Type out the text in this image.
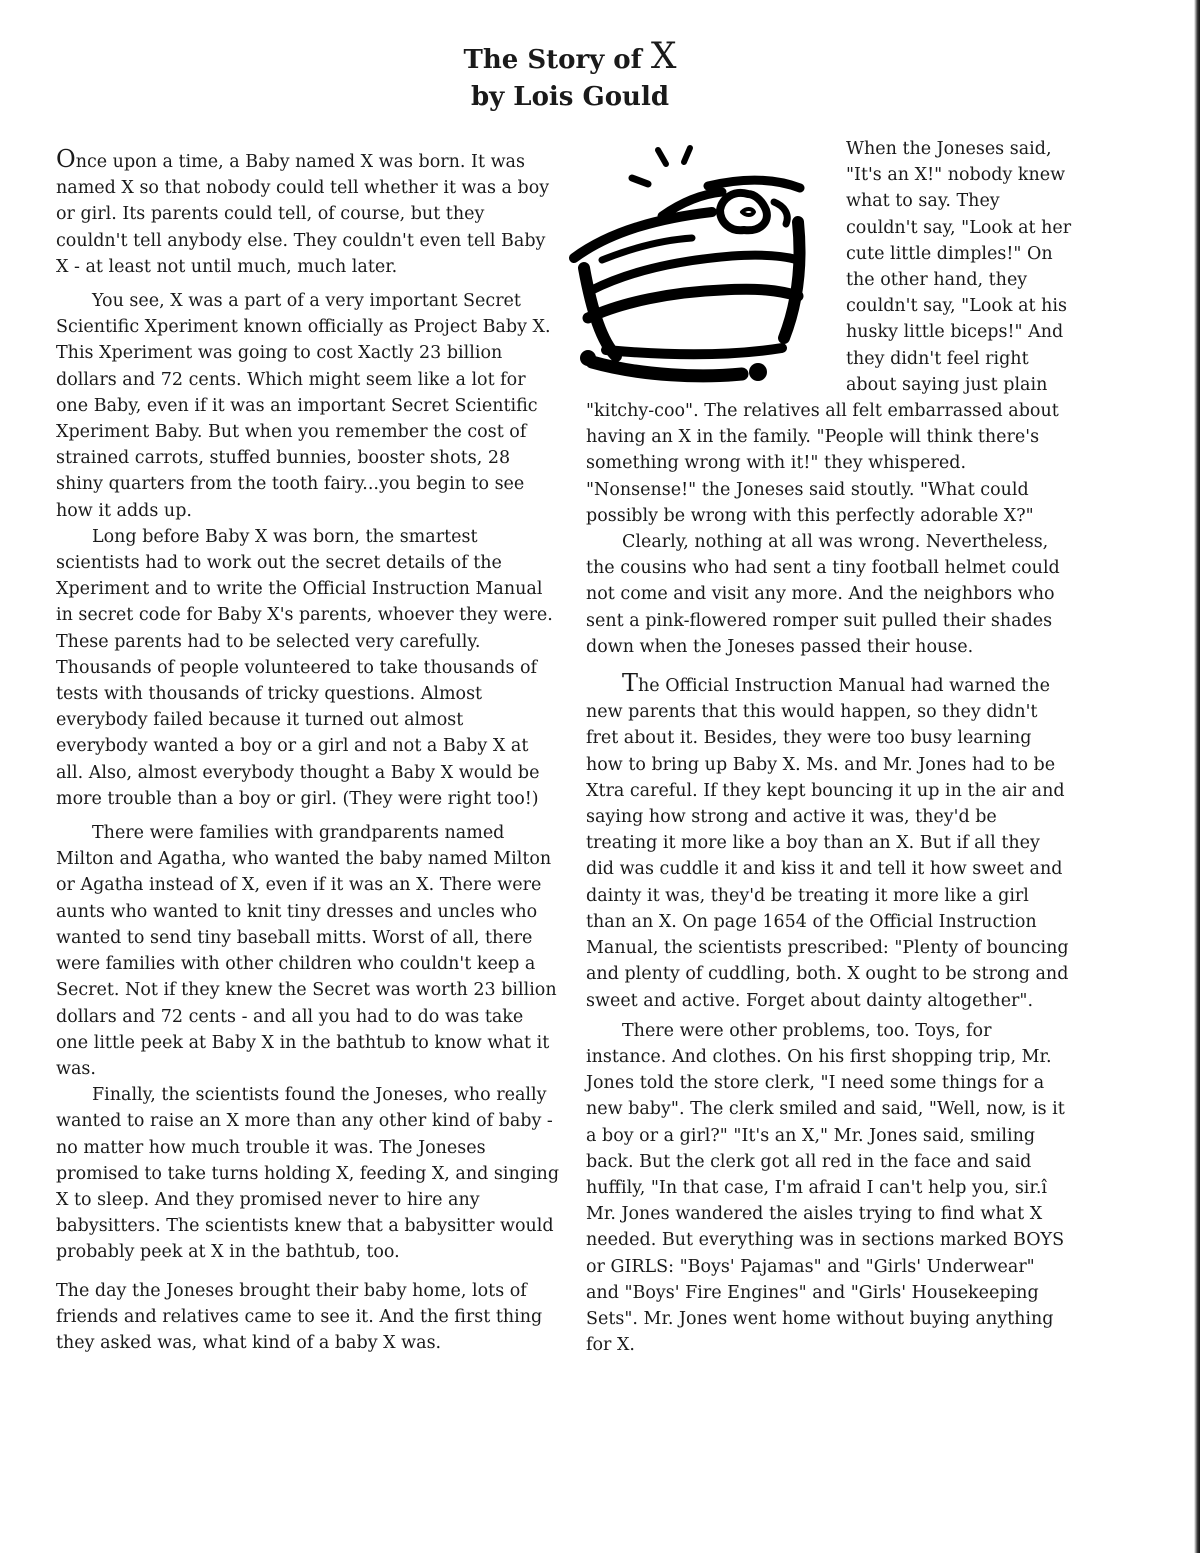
The Story of X
by Lois Gould

Once upon a time, a Baby named X was born. It was named X so that nobody could tell whether it was a boy or girl. Its parents could tell, of course, but they couldn't tell anybody else. They couldn't even tell Baby X - at least not until much, much later.

You see, X was a part of a very important Secret Scientific Xperiment known officially as Project Baby X. This Xperiment was going to cost Xactly 23 billion dollars and 72 cents. Which might seem like a lot for one Baby, even if it was an important Secret Scientific Xperiment Baby. But when you remember the cost of strained carrots, stuffed bunnies, booster shots, 28 shiny quarters from the tooth fairy...you begin to see how it adds up.

Long before Baby X was born, the smartest scientists had to work out the secret details of the Xperiment and to write the Official Instruction Manual in secret code for Baby X's parents, whoever they were. These parents had to be selected very carefully. Thousands of people volunteered to take thousands of tests with thousands of tricky questions. Almost everybody failed because it turned out almost everybody wanted a boy or a girl and not a Baby X at all. Also, almost everybody thought a Baby X would be more trouble than a boy or girl. (They were right too!)

There were families with grandparents named Milton and Agatha, who wanted the baby named Milton or Agatha instead of X, even if it was an X. There were aunts who wanted to knit tiny dresses and uncles who wanted to send tiny baseball mitts. Worst of all, there were families with other children who couldn't keep a Secret. Not if they knew the Secret was worth 23 billion dollars and 72 cents - and all you had to do was take one little peek at Baby X in the bathtub to know what it was.

Finally, the scientists found the Joneses, who really wanted to raise an X more than any other kind of baby - no matter how much trouble it was. The Joneses promised to take turns holding X, feeding X, and singing X to sleep. And they promised never to hire any babysitters. The scientists knew that a babysitter would probably peek at X in the bathtub, too.

The day the Joneses brought their baby home, lots of friends and relatives came to see it. And the first thing they asked was, what kind of a baby X was.

When the Joneses said, "It's an X!" nobody knew what to say. They couldn't say, "Look at her cute little dimples!" On the other hand, they couldn't say, "Look at his husky little biceps!" And they didn't feel right about saying just plain "kitchy-coo". The relatives all felt embarrassed about having an X in the family. "People will think there's something wrong with it!" they whispered. "Nonsense!" the Joneses said stoutly. "What could possibly be wrong with this perfectly adorable X?"

Clearly, nothing at all was wrong. Nevertheless, the cousins who had sent a tiny football helmet could not come and visit any more. And the neighbors who sent a pink-flowered romper suit pulled their shades down when the Joneses passed their house.

The Official Instruction Manual had warned the new parents that this would happen, so they didn't fret about it. Besides, they were too busy learning how to bring up Baby X. Ms. and Mr. Jones had to be Xtra careful. If they kept bouncing it up in the air and saying how strong and active it was, they'd be treating it more like a boy than an X. But if all they did was cuddle it and kiss it and tell it how sweet and dainty it was, they'd be treating it more like a girl than an X. On page 1654 of the Official Instruction Manual, the scientists prescribed: "Plenty of bouncing and plenty of cuddling, both. X ought to be strong and sweet and active. Forget about dainty altogether".

There were other problems, too. Toys, for instance. And clothes. On his first shopping trip, Mr. Jones told the store clerk, "I need some things for a new baby". The clerk smiled and said, "Well, now, is it a boy or a girl?" "It's an X," Mr. Jones said, smiling back. But the clerk got all red in the face and said huffily, "In that case, I'm afraid I can't help you, sir.î Mr. Jones wandered the aisles trying to find what X needed. But everything was in sections marked BOYS or GIRLS: "Boys' Pajamas" and "Girls' Underwear" and "Boys' Fire Engines" and "Girls' Housekeeping Sets". Mr. Jones went home without buying anything for X.
